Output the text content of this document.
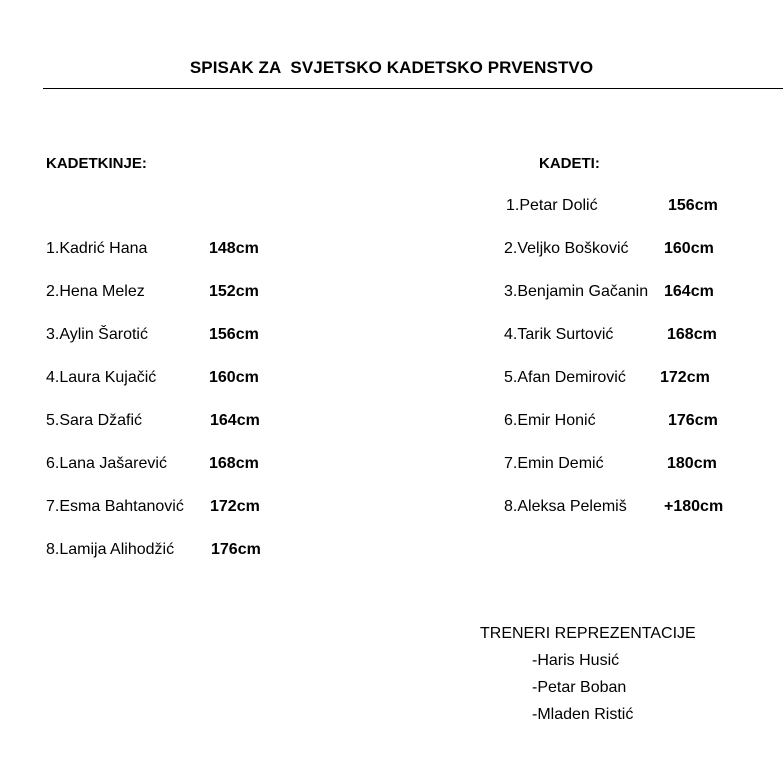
SPISAK ZA  SVJETSKO KADETSKO PRVENSTVO
KADETKINJE:
1.Kadrić Hana	148cm
2.Hena Melez	152cm
3.Aylin Šarotić	156cm
4.Laura Kujačić	160cm
5.Sara Džafić	164cm
6.Lana Jašarević	168cm
7.Esma Bahtanović 172cm
8.Lamija Alihodžić 176cm
KADETI:
1.Petar Dolić	156cm
2.Veljko Bošković 160cm
3.Benjamin Gačanin 164cm
4.Tarik Surtović	168cm
5.Afan Demirović 172cm
6.Emir Honić	176cm
7.Emin Demić	180cm
8.Aleksa Pelemiš +180cm
TRENERI REPREZENTACIJE
-Haris Husić
-Petar Boban
-Mladen Ristić
